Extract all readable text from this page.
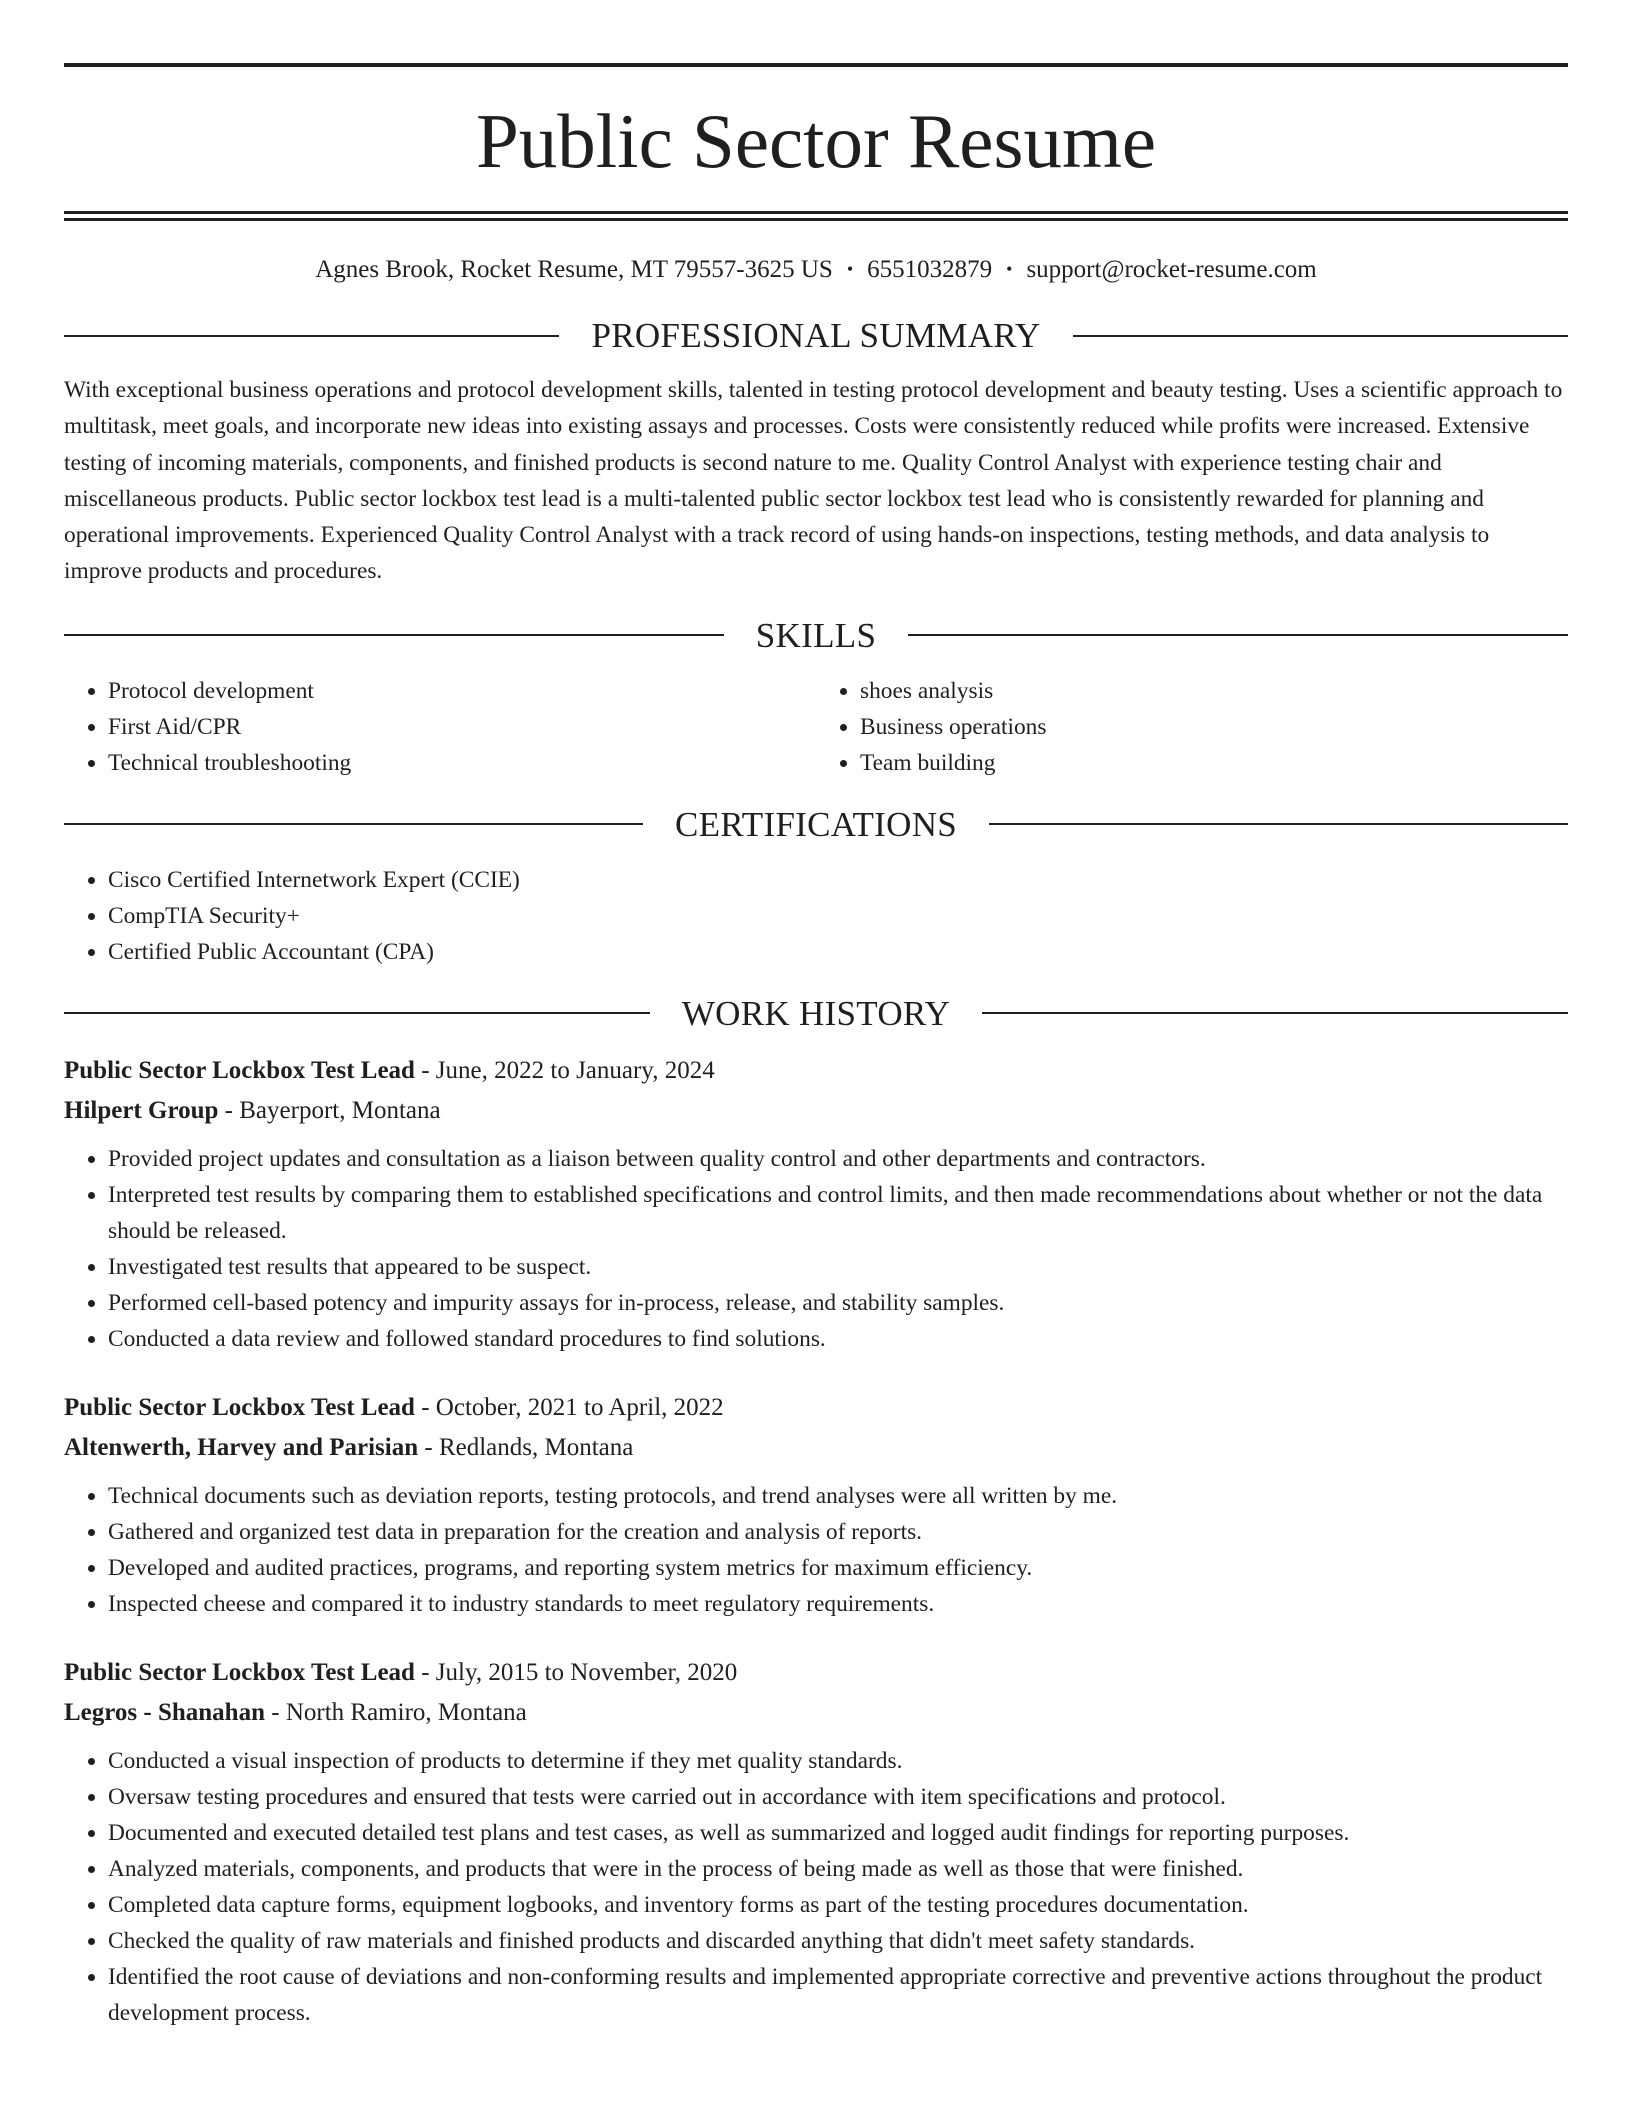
Public Sector Resume
Agnes Brook, Rocket Resume, MT 79557-3625 US • 6551032879 • support@rocket-resume.com
PROFESSIONAL SUMMARY
With exceptional business operations and protocol development skills, talented in testing protocol development and beauty testing. Uses a scientific approach to multitask, meet goals, and incorporate new ideas into existing assays and processes. Costs were consistently reduced while profits were increased. Extensive testing of incoming materials, components, and finished products is second nature to me. Quality Control Analyst with experience testing chair and miscellaneous products. Public sector lockbox test lead is a multi-talented public sector lockbox test lead who is consistently rewarded for planning and operational improvements. Experienced Quality Control Analyst with a track record of using hands-on inspections, testing methods, and data analysis to improve products and procedures.
SKILLS
• Protocol development
• First Aid/CPR
• Technical troubleshooting
• shoes analysis
• Business operations
• Team building
CERTIFICATIONS
• Cisco Certified Internetwork Expert (CCIE)
• CompTIA Security+
• Certified Public Accountant (CPA)
WORK HISTORY
Public Sector Lockbox Test Lead - June, 2022 to January, 2024
Hilpert Group - Bayerport, Montana
• Provided project updates and consultation as a liaison between quality control and other departments and contractors.
• Interpreted test results by comparing them to established specifications and control limits, and then made recommendations about whether or not the data should be released.
• Investigated test results that appeared to be suspect.
• Performed cell-based potency and impurity assays for in-process, release, and stability samples.
• Conducted a data review and followed standard procedures to find solutions.
Public Sector Lockbox Test Lead - October, 2021 to April, 2022
Altenwerth, Harvey and Parisian - Redlands, Montana
• Technical documents such as deviation reports, testing protocols, and trend analyses were all written by me.
• Gathered and organized test data in preparation for the creation and analysis of reports.
• Developed and audited practices, programs, and reporting system metrics for maximum efficiency.
• Inspected cheese and compared it to industry standards to meet regulatory requirements.
Public Sector Lockbox Test Lead - July, 2015 to November, 2020
Legros - Shanahan - North Ramiro, Montana
• Conducted a visual inspection of products to determine if they met quality standards.
• Oversaw testing procedures and ensured that tests were carried out in accordance with item specifications and protocol.
• Documented and executed detailed test plans and test cases, as well as summarized and logged audit findings for reporting purposes.
• Analyzed materials, components, and products that were in the process of being made as well as those that were finished.
• Completed data capture forms, equipment logbooks, and inventory forms as part of the testing procedures documentation.
• Checked the quality of raw materials and finished products and discarded anything that didn't meet safety standards.
• Identified the root cause of deviations and non-conforming results and implemented appropriate corrective and preventive actions throughout the product development process.
